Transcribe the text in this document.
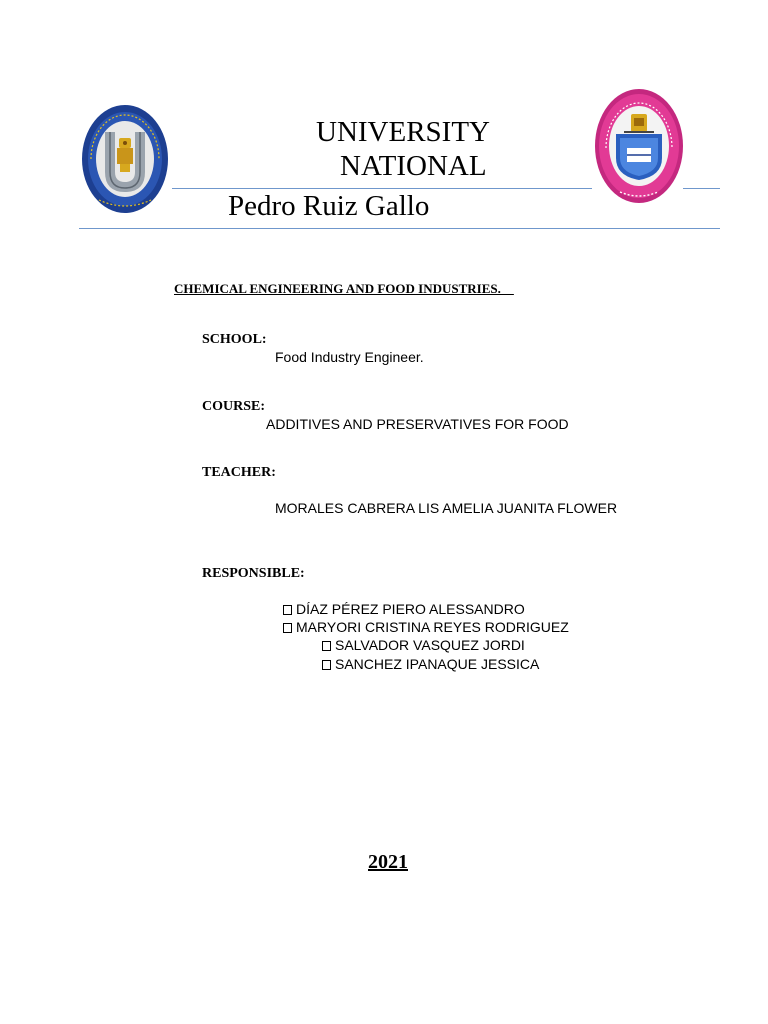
UNIVERSITY
NATIONAL
Pedro Ruiz Gallo
CHEMICAL ENGINEERING AND FOOD INDUSTRIES.
SCHOOL:
Food Industry Engineer.
COURSE:
ADDITIVES AND PRESERVATIVES FOR FOOD
TEACHER:
MORALES CABRERA LIS AMELIA JUANITA FLOWER
RESPONSIBLE:
DÍAZ PÉREZ PIERO ALESSANDRO
MARYORI CRISTINA REYES RODRIGUEZ
SALVADOR VASQUEZ JORDI
SANCHEZ IPANAQUE JESSICA
2021
